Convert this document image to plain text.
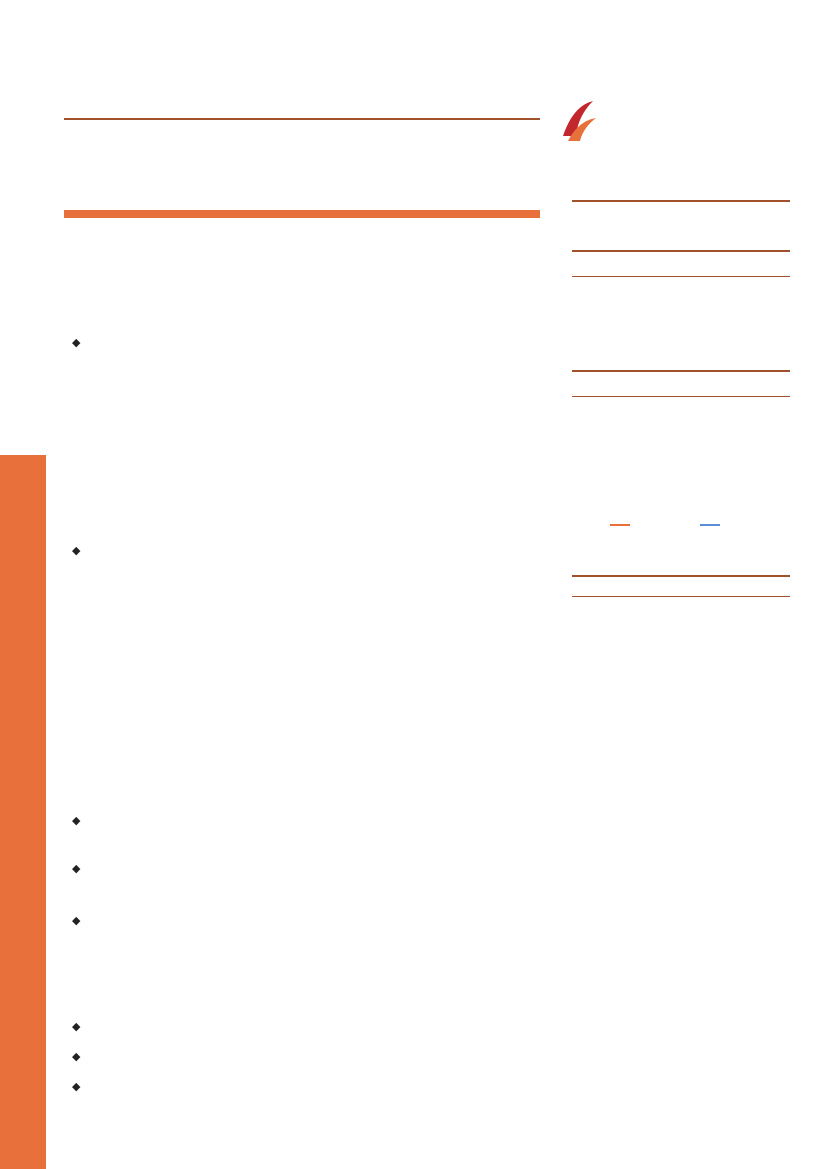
◆
◆
◆
◆
◆
◆
◆
◆
